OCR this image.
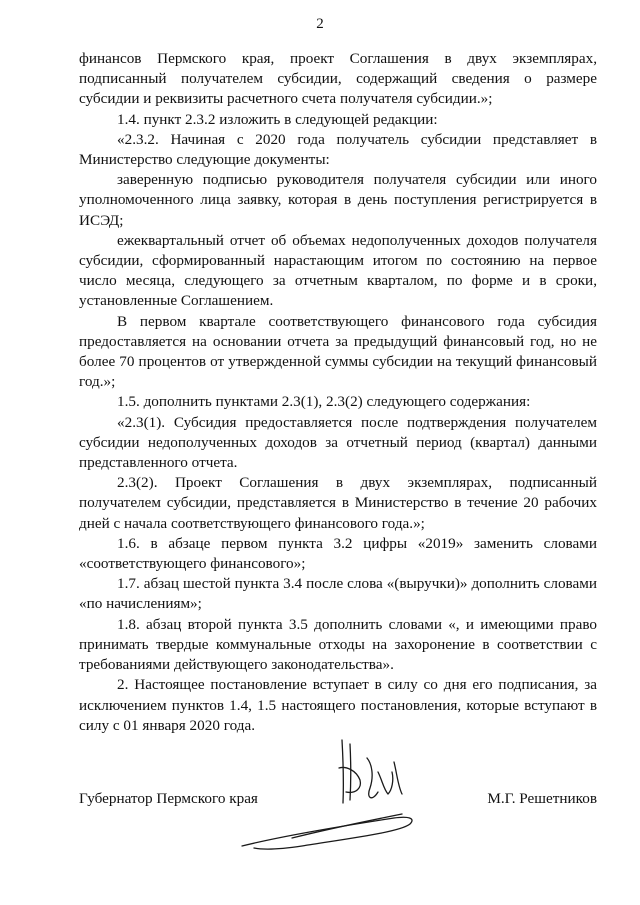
2

финансов Пермского края, проект Соглашения в двух экземплярах, подписанный получателем субсидии, содержащий сведения о размере субсидии и реквизиты расчетного счета получателя субсидии.»;

1.4. пункт 2.3.2 изложить в следующей редакции:

«2.3.2. Начиная с 2020 года получатель субсидии представляет в Министерство следующие документы:

заверенную подписью руководителя получателя субсидии или иного уполномоченного лица заявку, которая в день поступления регистрируется в ИСЭД;

ежеквартальный отчет об объемах недополученных доходов получателя субсидии, сформированный нарастающим итогом по состоянию на первое число месяца, следующего за отчетным кварталом, по форме и в сроки, установленные Соглашением.

В первом квартале соответствующего финансового года субсидия предоставляется на основании отчета за предыдущий финансовый год, но не более 70 процентов от утвержденной суммы субсидии на текущий финансовый год.»;

1.5. дополнить пунктами 2.3(1), 2.3(2) следующего содержания:

«2.3(1). Субсидия предоставляется после подтверждения получателем субсидии недополученных доходов за отчетный период (квартал) данными представленного отчета.

2.3(2). Проект Соглашения в двух экземплярах, подписанный получателем субсидии, представляется в Министерство в течение 20 рабочих дней с начала соответствующего финансового года.»;

1.6. в абзаце первом пункта 3.2 цифры «2019» заменить словами «соответствующего финансового»;

1.7. абзац шестой пункта 3.4 после слова «(выручки)» дополнить словами «по начислениям»;

1.8. абзац второй пункта 3.5 дополнить словами «, и имеющими право принимать твердые коммунальные отходы на захоронение в соответствии с требованиями действующего законодательства».

2. Настоящее постановление вступает в силу со дня его подписания, за исключением пунктов 1.4, 1.5 настоящего постановления, которые вступают в силу с 01 января 2020 года.

Губернатор Пермского края	М.Г. Решетников
